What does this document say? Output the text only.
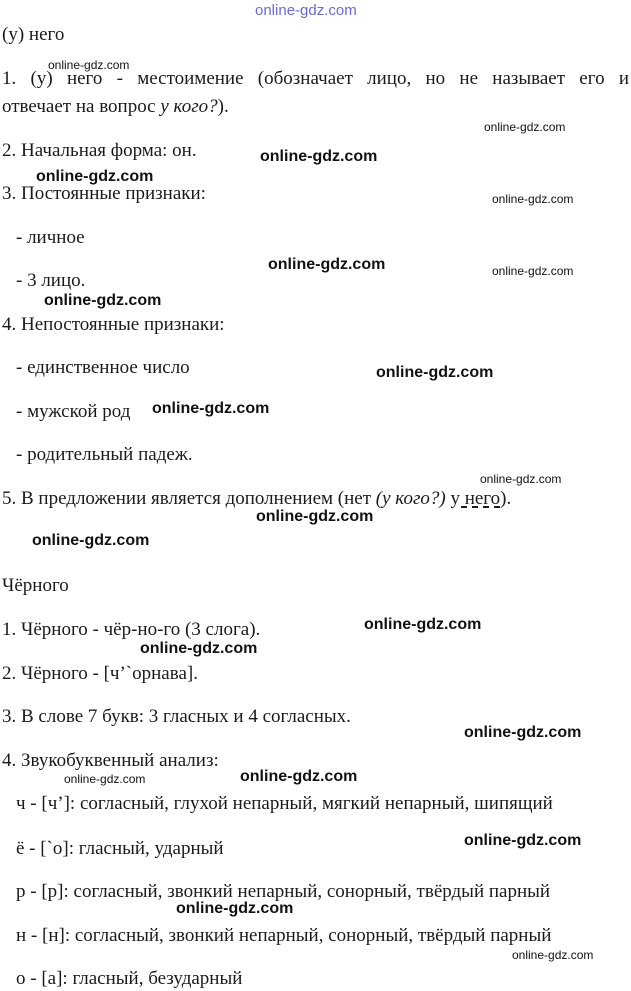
online-gdz.com
(у) него
1. (у) него - местоимение (обозначает лицо, но не называет его и
отвечает на вопрос у кого?).
2. Начальная форма: он.
3. Постоянные признаки:
- личное
- 3 лицо.
4. Непостоянные признаки:
- единственное число
- мужской род
- родительный падеж.
5. В предложении является дополнением (нет (у кого?) у него).
Чёрного
1. Чёрного - чёр-но-го (3 слога).
2. Чёрного - [ч’`орнава].
3. В слове 7 букв: 3 гласных и 4 согласных.
4. Звукобуквенный анализ:
ч - [ч’]: согласный, глухой непарный, мягкий непарный, шипящий
ё - [`о]: гласный, ударный
р - [р]: согласный, звонкий непарный, сонорный, твёрдый парный
н - [н]: согласный, звонкий непарный, сонорный, твёрдый парный
о - [а]: гласный, безударный
online-gdz.com
online-gdz.com
online-gdz.com
online-gdz.com
online-gdz.com
online-gdz.com	online-gdz.com
online-gdz.com
online-gdz.com
online-gdz.com
online-gdz.com
online-gdz.com
online-gdz.com
online-gdz.com
online-gdz.com
online-gdz.com
online-gdz.com	online-gdz.com
online-gdz.com
online-gdz.com
online-gdz.com
